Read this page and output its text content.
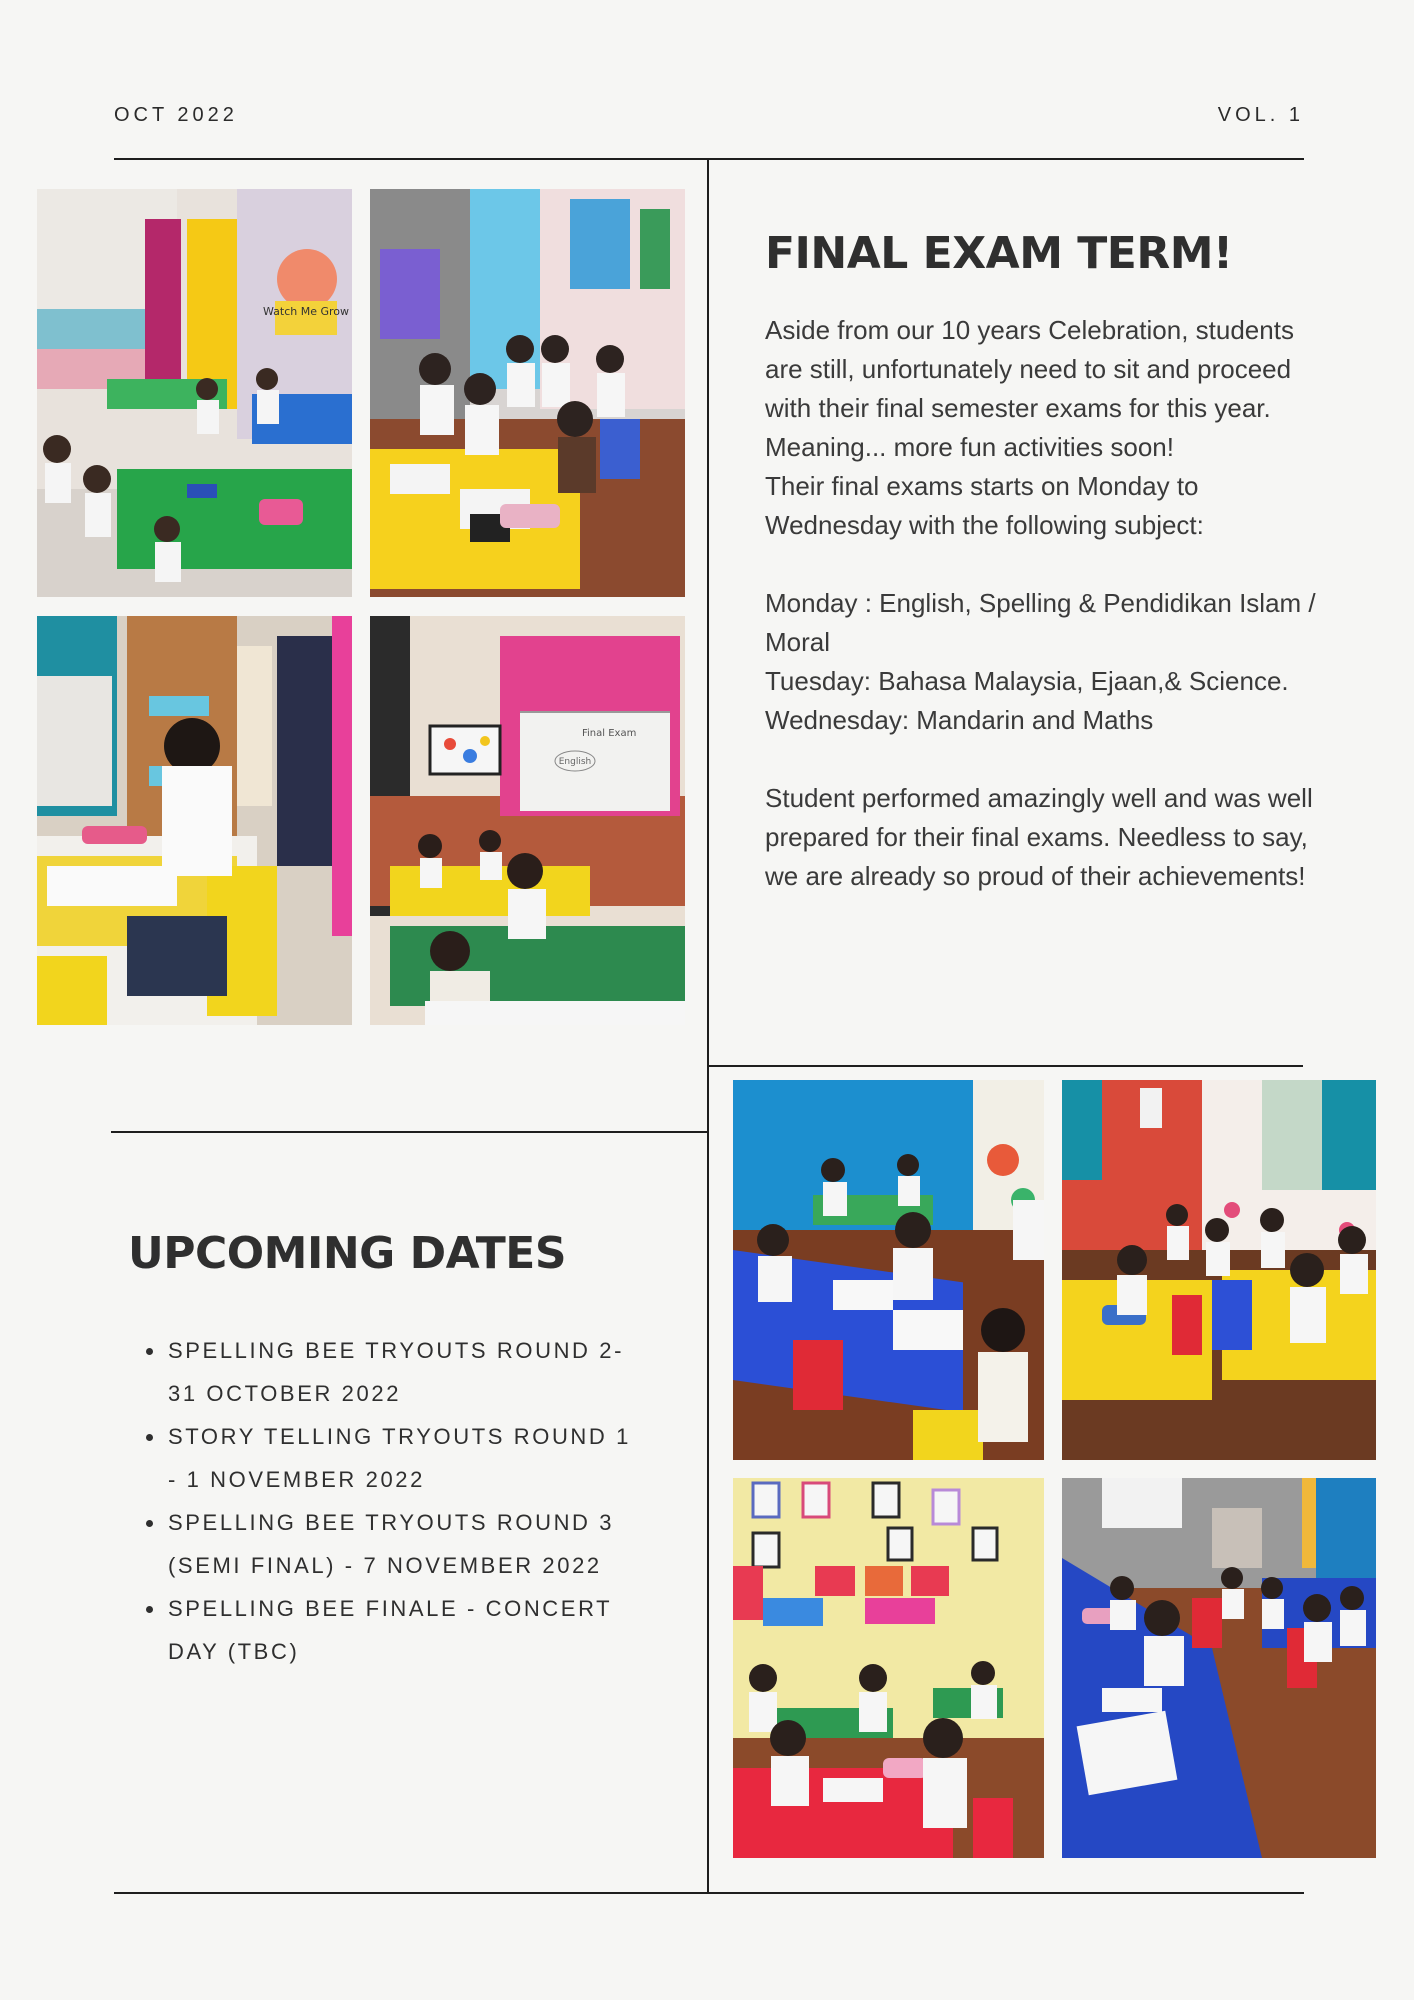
OCT 2022	VOL. 1
Watch Me Grow
Final Exam
English
FINAL EXAM TERM!

Aside from our 10 years Celebration, students are still, unfortunately need to sit and proceed with their final semester exams for this year. Meaning... more fun activities soon!

Their final exams starts on Monday to Wednesday with the following subject:

Monday : English, Spelling & Pendidikan Islam / Moral

Tuesday: Bahasa Malaysia, Ejaan,& Science.

Wednesday: Mandarin and Maths

Student performed amazingly well and was well prepared for their final exams. Needless to say, we are already so proud of their achievements!

UPCOMING DATES
• SPELLING BEE TRYOUTS ROUND 2- 31 OCTOBER 2022
• STORY TELLING TRYOUTS ROUND 1 - 1 NOVEMBER 2022
• SPELLING BEE TRYOUTS ROUND 3 (SEMI FINAL) - 7 NOVEMBER 2022
• SPELLING BEE FINALE - CONCERT DAY (TBC)
